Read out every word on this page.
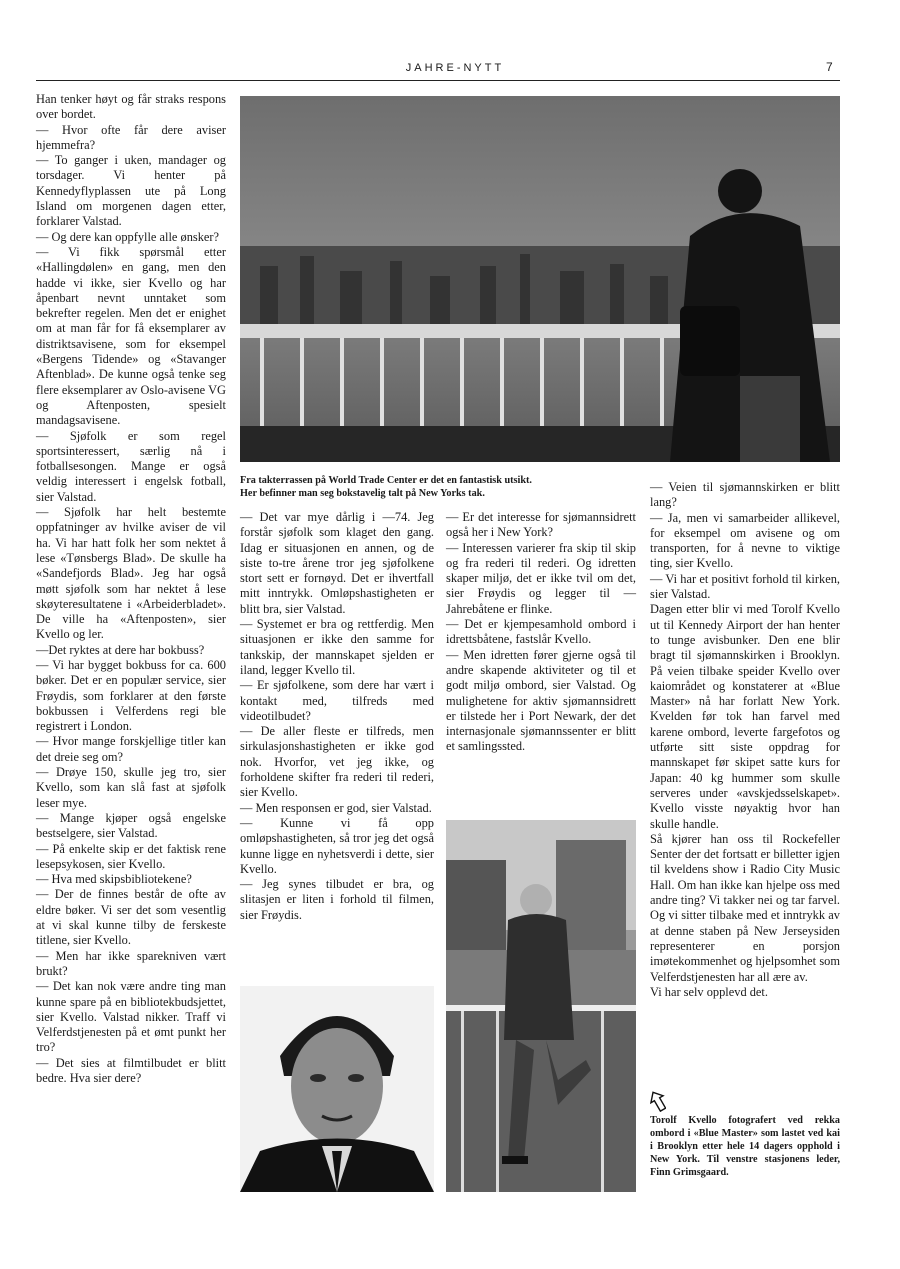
JAHRE-NYTT	7

Han tenker høyt og får straks respons over bordet.

— Hvor ofte får dere aviser hjemmefra?

— To ganger i uken, mandager og torsdager. Vi henter på Kennedyflyplassen ute på Long Island om morgenen dagen etter, forklarer Valstad.

— Og dere kan oppfylle alle ønsker?

— Vi fikk spørsmål etter «Hallingdølen» en gang, men den hadde vi ikke, sier Kvello og har åpenbart nevnt unntaket som bekrefter regelen. Men det er enighet om at man får for få eksemplarer av distriktsavisene, som for eksempel «Bergens Tidende» og «Stavanger Aftenblad». De kunne også tenke seg flere eksemplarer av Oslo-avisene VG og Aftenposten, spesielt mandagsavisene.

— Sjøfolk er som regel sportsinteressert, særlig nå i fotballsesongen. Mange er også veldig interessert i engelsk fotball, sier Valstad.

— Sjøfolk har helt bestemte oppfatninger av hvilke aviser de vil ha. Vi har hatt folk her som nektet å lese «Tønsbergs Blad». De skulle ha «Sandefjords Blad». Jeg har også møtt sjøfolk som har nektet å lese skøyteresultatene i «Arbeiderbladet». De ville ha «Aftenposten», sier Kvello og ler.

—Det ryktes at dere har bokbuss?

— Vi har bygget bokbuss for ca. 600 bøker. Det er en populær service, sier Frøydis, som forklarer at den første bokbussen i Velferdens regi ble registrert i London.

— Hvor mange forskjellige titler kan det dreie seg om?

— Drøye 150, skulle jeg tro, sier Kvello, som kan slå fast at sjøfolk leser mye.

— Mange kjøper også engelske bestselgere, sier Valstad.

— På enkelte skip er det faktisk rene lesepsykosen, sier Kvello.

— Hva med skipsbibliotekene?

— Der de finnes består de ofte av eldre bøker. Vi ser det som vesentlig at vi skal kunne tilby de ferskeste titlene, sier Kvello.

— Men har ikke sparekniven vært brukt?

— Det kan nok være andre ting man kunne spare på en bibliotekbudsjettet, sier Kvello. Valstad nikker. Traff vi Velferdstjenesten på et ømt punkt her tro?

— Det sies at filmtilbudet er blitt bedre. Hva sier dere?

Fra takterrassen på World Trade Center er det en fantastisk utsikt.

Her befinner man seg bokstavelig talt på New Yorks tak.

— Det var mye dårlig i —74. Jeg forstår sjøfolk som klaget den gang. Idag er situasjonen en annen, og de siste to-tre årene tror jeg sjøfolkene stort sett er fornøyd. Det er ihvertfall mitt inntrykk. Omløpshastigheten er blitt bra, sier Valstad.

— Systemet er bra og rettferdig. Men situasjonen er ikke den samme for tankskip, der mannskapet sjelden er iland, legger Kvello til.

— Er sjøfolkene, som dere har vært i kontakt med, tilfreds med videotilbudet?

— De aller fleste er tilfreds, men sirkulasjonshastigheten er ikke god nok. Hvorfor, vet jeg ikke, og forholdene skifter fra rederi til rederi, sier Kvello.

— Men responsen er god, sier Valstad.

— Kunne vi få opp omløpshastigheten, så tror jeg det også kunne ligge en nyhetsverdi i dette, sier Kvello.

— Jeg synes tilbudet er bra, og slitasjen er liten i forhold til filmen, sier Frøydis.

— Er det interesse for sjømannsidrett også her i New York?

— Interessen varierer fra skip til skip og fra rederi til rederi. Og idretten skaper miljø, det er ikke tvil om det, sier Frøydis og legger til — Jahrebåtene er flinke.

— Det er kjempesamhold ombord i idrettsbåtene, fastslår Kvello.

— Men idretten fører gjerne også til andre skapende aktiviteter og til et godt miljø ombord, sier Valstad. Og mulighetene for aktiv sjømannsidrett er tilstede her i Port Newark, der det internasjonale sjømannssenter er blitt et samlingssted.

— Veien til sjømannskirken er blitt lang?

— Ja, men vi samarbeider allikevel, for eksempel om avisene og om transporten, for å nevne to viktige ting, sier Kvello.

— Vi har et positivt forhold til kirken, sier Valstad.

Dagen etter blir vi med Torolf Kvello ut til Kennedy Airport der han henter to tunge avisbunker. Den ene blir bragt til sjømannskirken i Brooklyn. På veien tilbake speider Kvello over kaiområdet og konstaterer at «Blue Master» nå har forlatt New York. Kvelden før tok han farvel med karene ombord, leverte fargefotos og utførte sitt siste oppdrag for mannskapet før skipet satte kurs for Japan: 40 kg hummer som skulle serveres under «avskjedsselskapet». Kvello visste nøyaktig hvor han skulle handle.

Så kjører han oss til Rockefeller Senter der det fortsatt er billetter igjen til kveldens show i Radio City Music Hall. Om han ikke kan hjelpe oss med andre ting? Vi takker nei og tar farvel. Og vi sitter tilbake med et inntrykk av at denne staben på New Jerseysiden representerer en porsjon imøtekommenhet og hjelpsomhet som Velferdstjenesten har all ære av.

Vi har selv opplevd det.

Torolf Kvello fotografert ved rekka ombord i «Blue Master» som lastet ved kai i Brooklyn etter hele 14 dagers opphold i New York. Til venstre stasjonens leder, Finn Grimsgaard.
